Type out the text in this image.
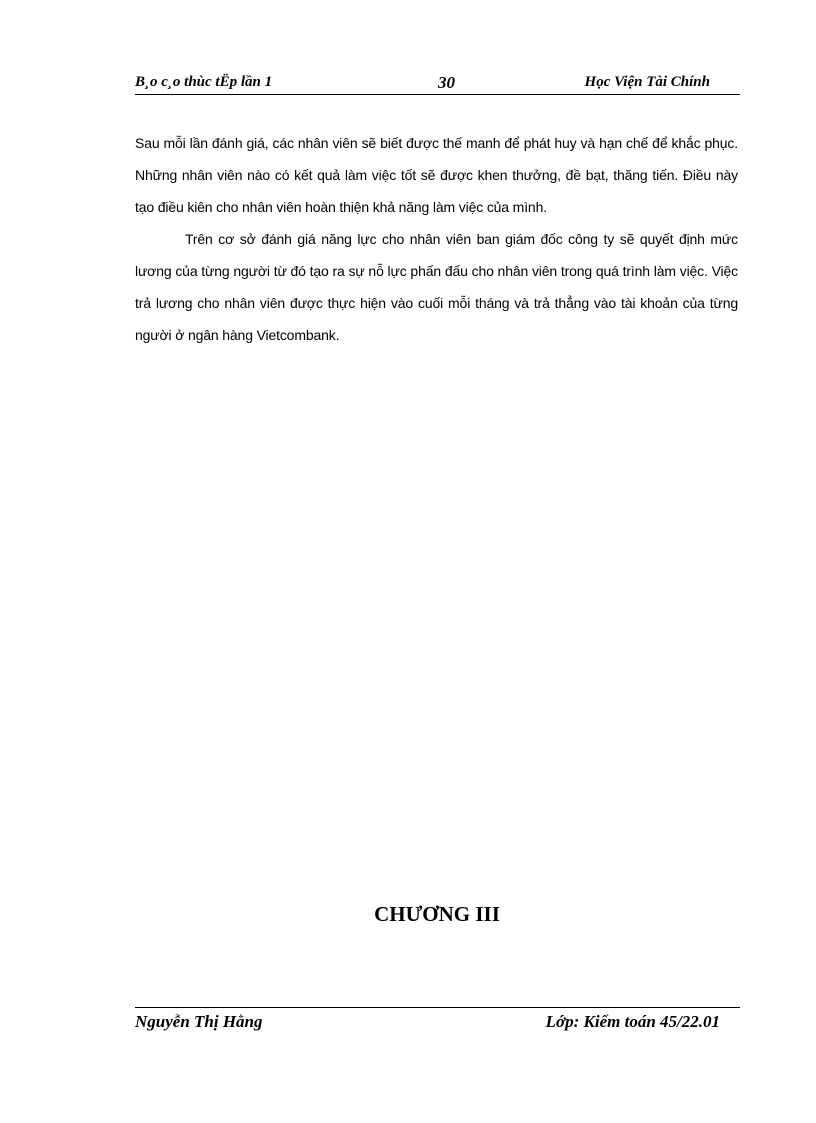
B¸o c¸o thùc tËp lần 1	30	Học Viện Tài Chính

Sau mỗi lần đánh giá, các nhân viên sẽ biết được thế manh để phát huy và hạn chế để khắc phục. Những nhân viên nào có kết quả làm việc tốt sẽ được khen thưởng, đề bạt, thăng tiến. Điều này tạo điều kiên cho nhân viên hoàn thiện khả năng làm việc của mình.

Trên cơ sở đánh giá năng lực cho nhân viên ban giám đốc công ty sẽ quyết định mức lương của từng người từ đó tạo ra sự nỗ lực phấn đấu cho nhân viên trong quá trình làm việc. Việc trả lương cho nhân viên được thực hiện vào cuối mỗi tháng và trả thẳng vào tài khoản của từng người ở ngân hàng Vietcombank.

CHƯƠNG III
Nguyễn Thị Hằng	Lớp: Kiểm toán 45/22.01
